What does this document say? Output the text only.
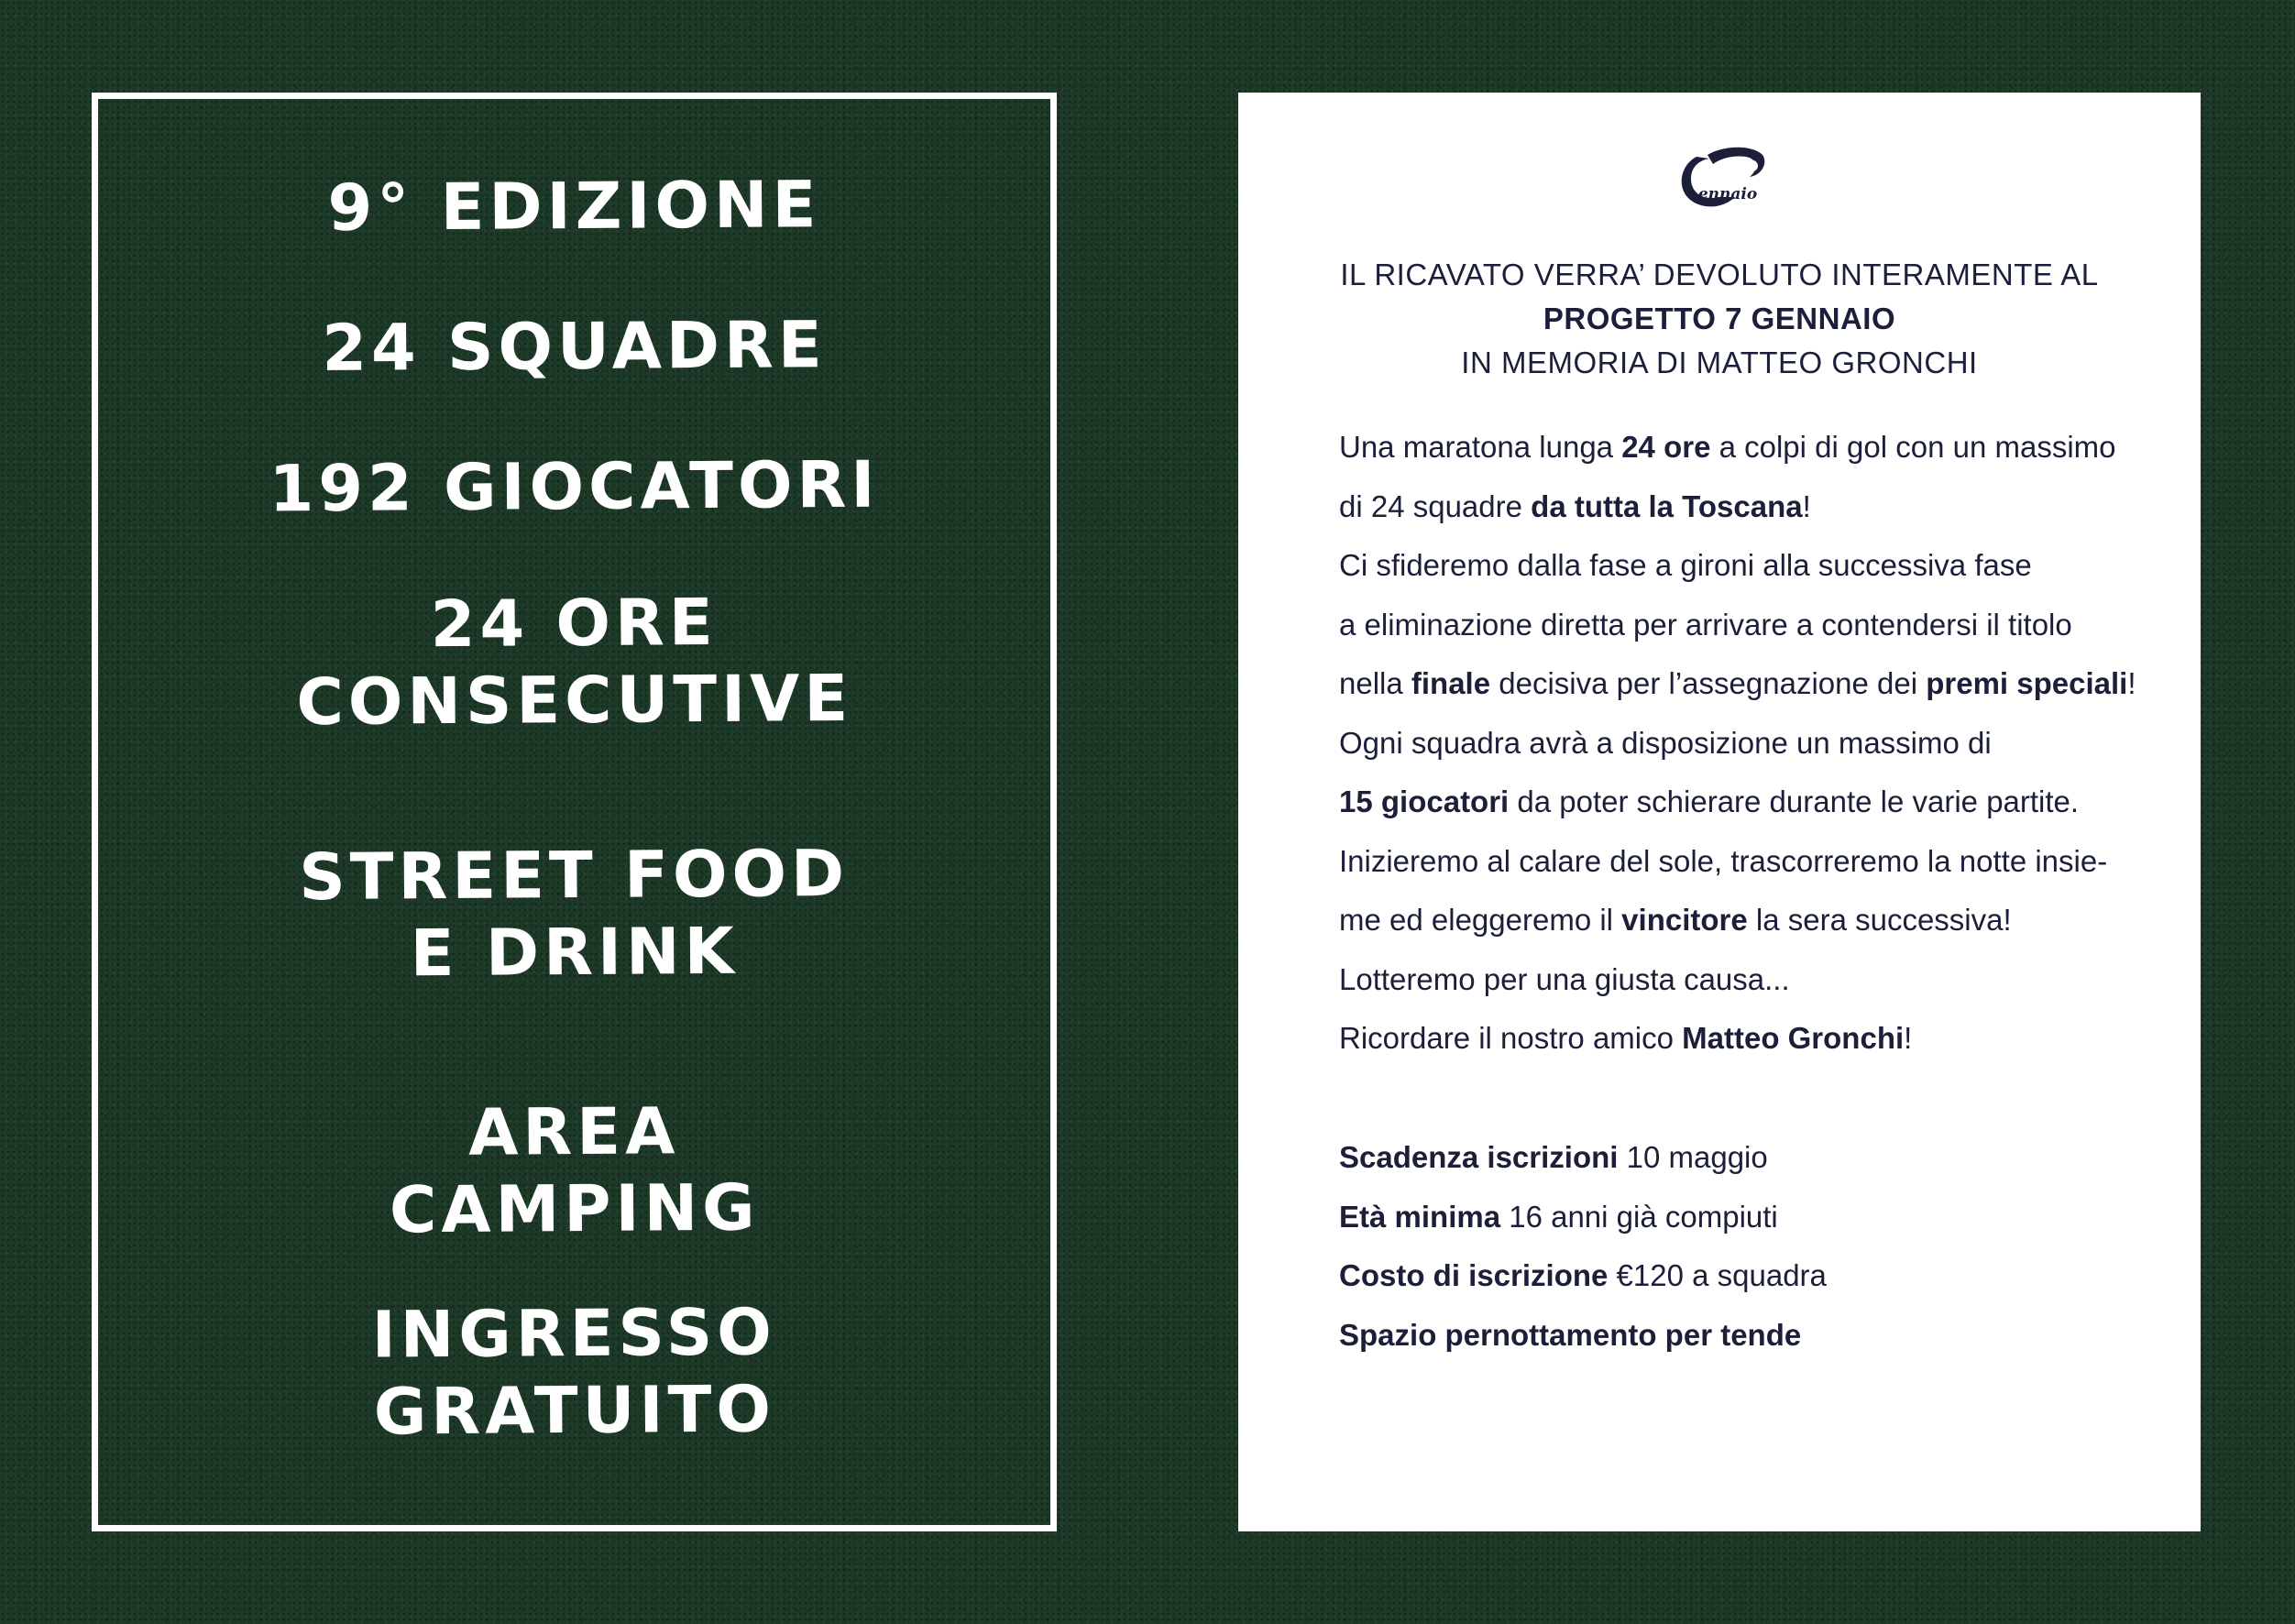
9° EDIZIONE
24 SQUADRE
192 GIOCATORI
24 ORE
CONSECUTIVE
STREET FOOD
E DRINK
AREA
CAMPING
INGRESSO
GRATUITO
ennaio
IL RICAVATO VERRA’ DEVOLUTO INTERAMENTE AL
PROGETTO 7 GENNAIO
IN MEMORIA DI MATTEO GRONCHI

Una maratona lunga 24 ore a colpi di gol con un massimo

di 24 squadre da tutta la Toscana!

Ci sfideremo dalla fase a gironi alla successiva fase

a eliminazione diretta per arrivare a contendersi il titolo

nella finale decisiva per l’assegnazione dei premi speciali!

Ogni squadra avrà a disposizione un massimo di

15 giocatori da poter schierare durante le varie partite.

Inizieremo al calare del sole, trascorreremo la notte insie-

me ed eleggeremo il vincitore la sera successiva!

Lotteremo per una giusta causa...

Ricordare il nostro amico Matteo Gronchi!

Scadenza iscrizioni 10 maggio

Età minima 16 anni già compiuti

Costo di iscrizione €120 a squadra

Spazio pernottamento per tende
